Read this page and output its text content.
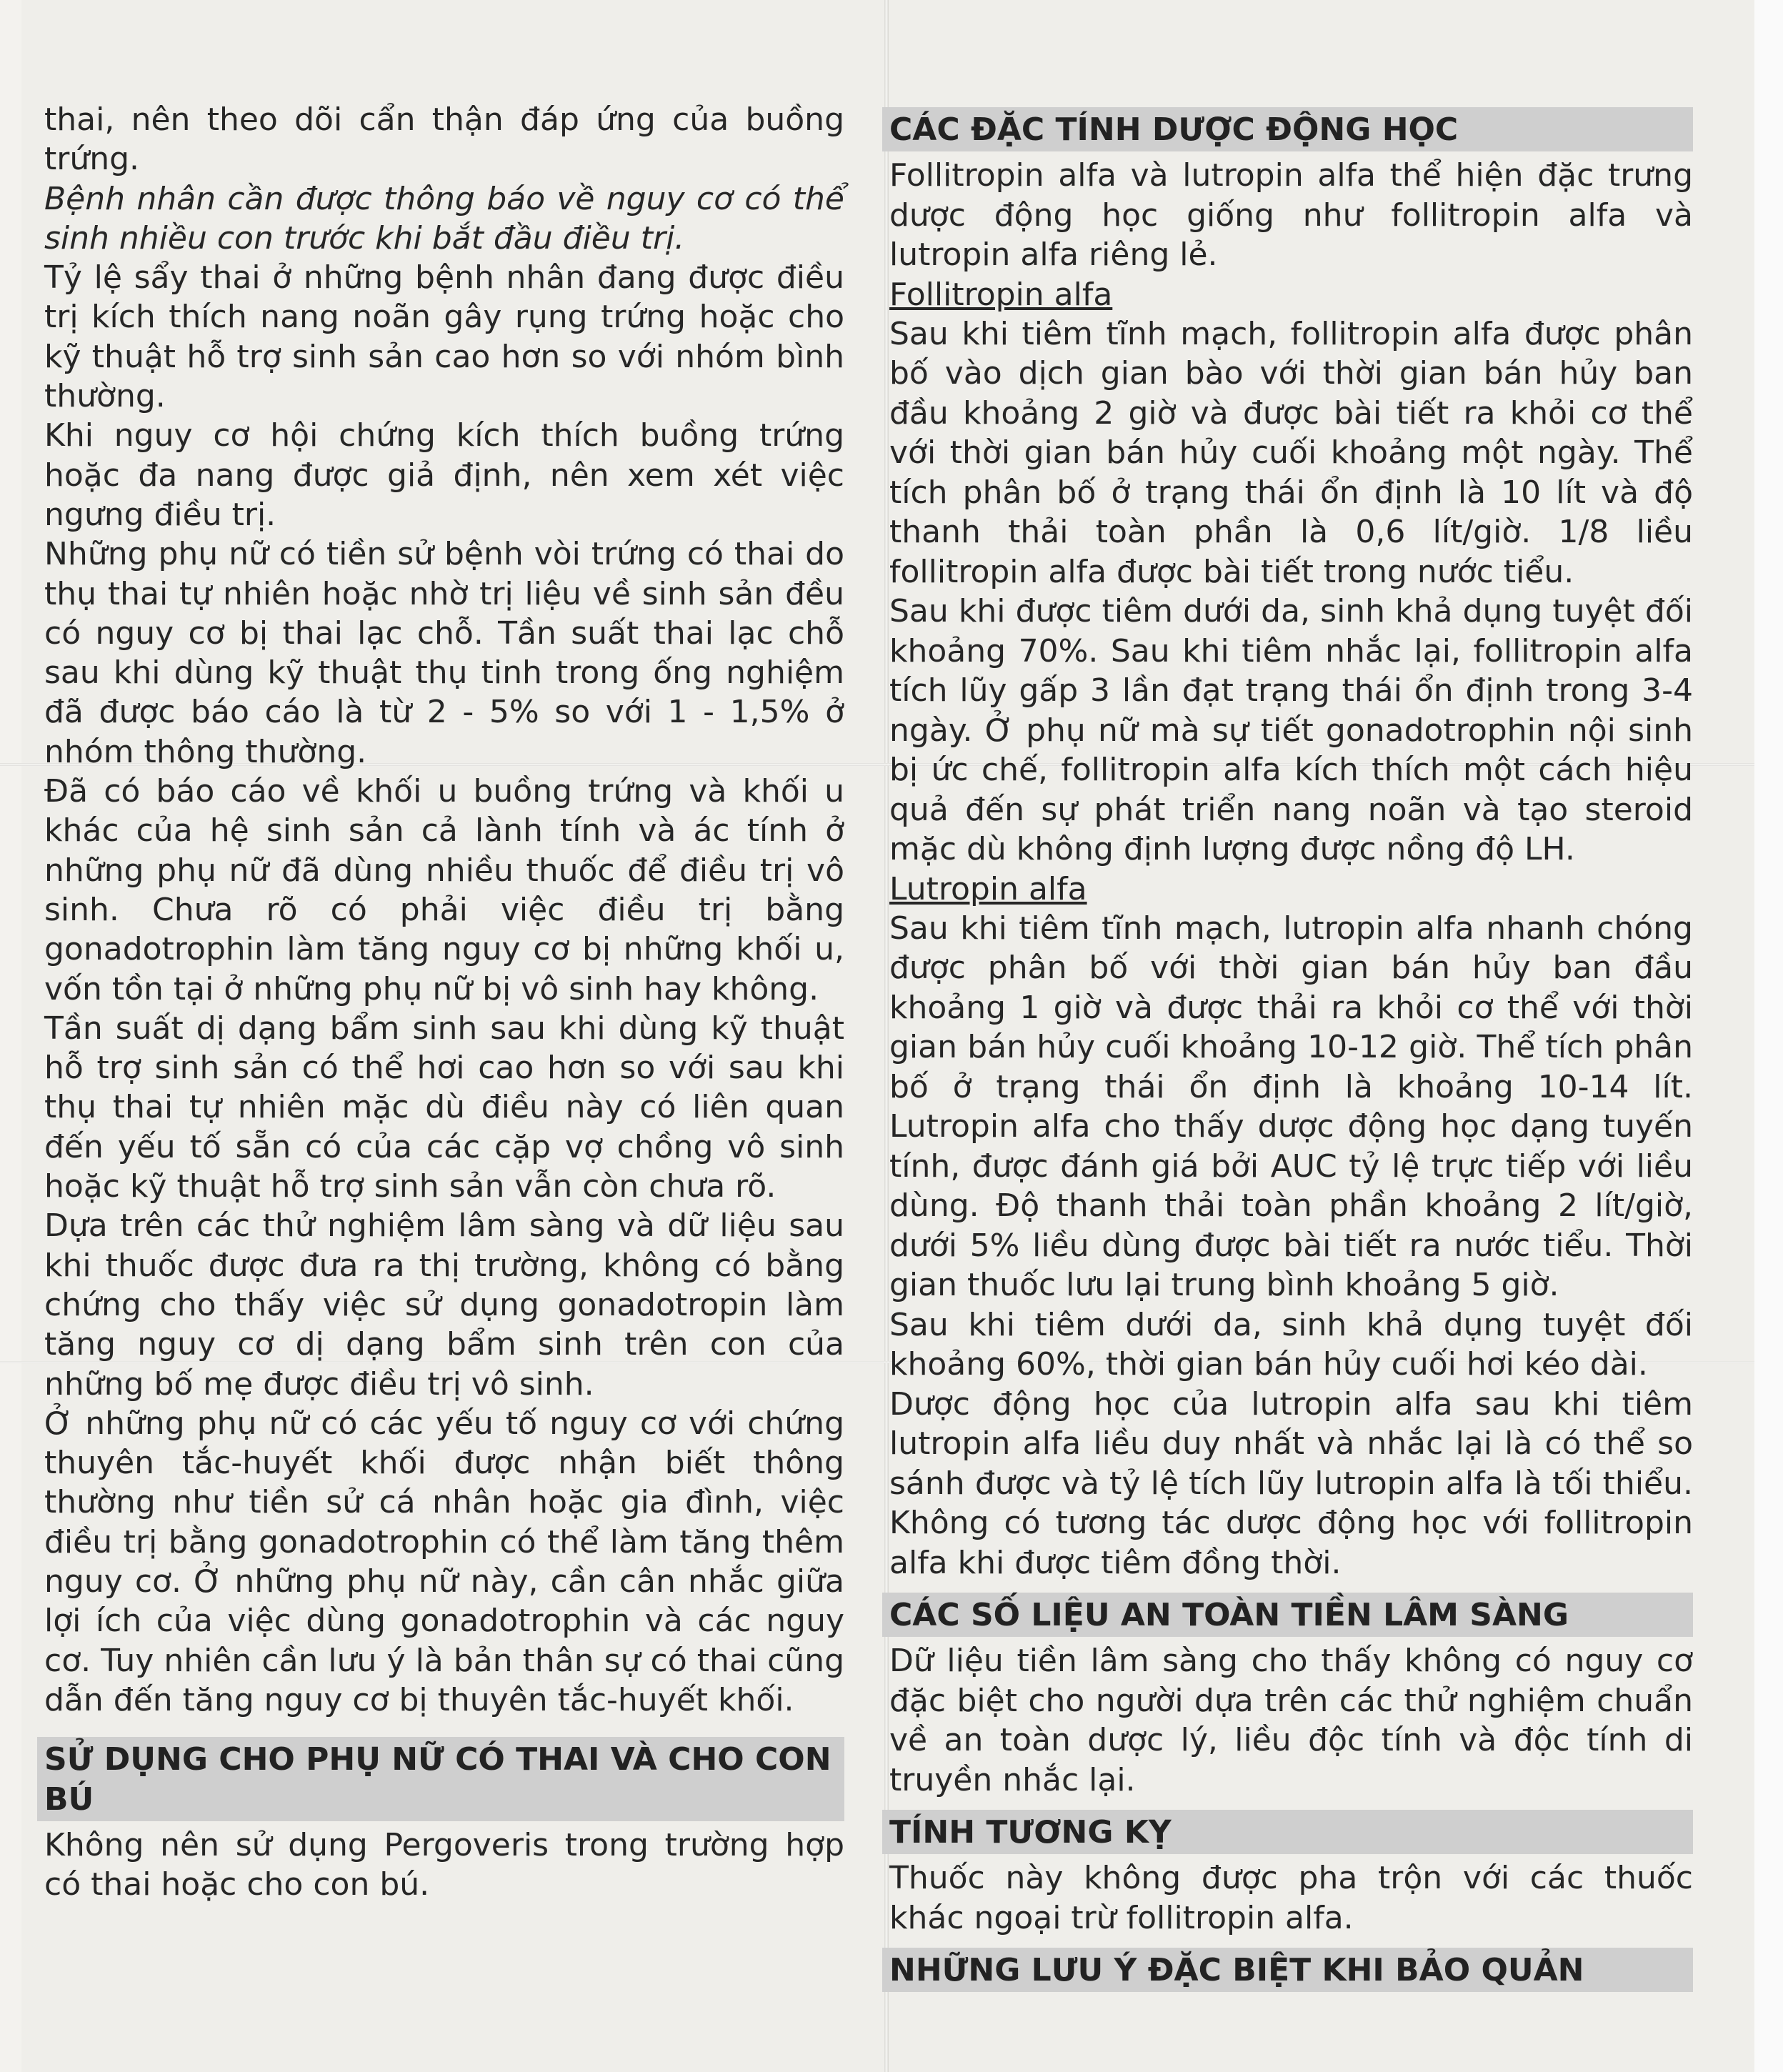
thai, nên theo dõi cẩn thận đáp ứng của buồng trứng.

Bệnh nhân cần được thông báo về nguy cơ có thể sinh nhiều con trước khi bắt đầu điều trị.

Tỷ lệ sẩy thai ở những bệnh nhân đang được điều trị kích thích nang noãn gây rụng trứng hoặc cho kỹ thuật hỗ trợ sinh sản cao hơn so với nhóm bình thường.

Khi nguy cơ hội chứng kích thích buồng trứng hoặc đa nang được giả định, nên xem xét việc ngưng điều trị.

Những phụ nữ có tiền sử bệnh vòi trứng có thai do thụ thai tự nhiên hoặc nhờ trị liệu về sinh sản đều có nguy cơ bị thai lạc chỗ. Tần suất thai lạc chỗ sau khi dùng kỹ thuật thụ tinh trong ống nghiệm đã được báo cáo là từ 2 - 5% so với 1 - 1,5% ở nhóm thông thường.

Đã có báo cáo về khối u buồng trứng và khối u khác của hệ sinh sản cả lành tính và ác tính ở những phụ nữ đã dùng nhiều thuốc để điều trị vô sinh. Chưa rõ có phải việc điều trị bằng gonadotrophin làm tăng nguy cơ bị những khối u, vốn tồn tại ở những phụ nữ bị vô sinh hay không.

Tần suất dị dạng bẩm sinh sau khi dùng kỹ thuật hỗ trợ sinh sản có thể hơi cao hơn so với sau khi thụ thai tự nhiên mặc dù điều này có liên quan đến yếu tố sẵn có của các cặp vợ chồng vô sinh hoặc kỹ thuật hỗ trợ sinh sản vẫn còn chưa rõ.

Dựa trên các thử nghiệm lâm sàng và dữ liệu sau khi thuốc được đưa ra thị trường, không có bằng chứng cho thấy việc sử dụng gonadotropin làm tăng nguy cơ dị dạng bẩm sinh trên con của những bố mẹ được điều trị vô sinh.

Ở những phụ nữ có các yếu tố nguy cơ với chứng thuyên tắc-huyết khối được nhận biết thông thường như tiền sử cá nhân hoặc gia đình, việc điều trị bằng gonadotrophin có thể làm tăng thêm nguy cơ. Ở những phụ nữ này, cần cân nhắc giữa lợi ích của việc dùng gonadotrophin và các nguy cơ. Tuy nhiên cần lưu ý là bản thân sự có thai cũng dẫn đến tăng nguy cơ bị thuyên tắc-huyết khối.

SỬ DỤNG CHO PHỤ NỮ CÓ THAI VÀ CHO CON BÚ

Không nên sử dụng Pergoveris trong trường hợp có thai hoặc cho con bú.

CÁC ĐẶC TÍNH DƯỢC ĐỘNG HỌC

Follitropin alfa và lutropin alfa thể hiện đặc trưng dược động học giống như follitropin alfa và lutropin alfa riêng lẻ.

Follitropin alfa

Sau khi tiêm tĩnh mạch, follitropin alfa được phân bố vào dịch gian bào với thời gian bán hủy ban đầu khoảng 2 giờ và được bài tiết ra khỏi cơ thể với thời gian bán hủy cuối khoảng một ngày. Thể tích phân bố ở trạng thái ổn định là 10 lít và độ thanh thải toàn phần là 0,6 lít/giờ. 1/8 liều follitropin alfa được bài tiết trong nước tiểu.

Sau khi được tiêm dưới da, sinh khả dụng tuyệt đối khoảng 70%. Sau khi tiêm nhắc lại, follitropin alfa tích lũy gấp 3 lần đạt trạng thái ổn định trong 3-4 ngày. Ở phụ nữ mà sự tiết gonadotrophin nội sinh bị ức chế, follitropin alfa kích thích một cách hiệu quả đến sự phát triển nang noãn và tạo steroid mặc dù không định lượng được nồng độ LH.

Lutropin alfa

Sau khi tiêm tĩnh mạch, lutropin alfa nhanh chóng được phân bố với thời gian bán hủy ban đầu khoảng 1 giờ và được thải ra khỏi cơ thể với thời gian bán hủy cuối khoảng 10-12 giờ. Thể tích phân bố ở trạng thái ổn định là khoảng 10-14 lít. Lutropin alfa cho thấy dược động học dạng tuyến tính, được đánh giá bởi AUC tỷ lệ trực tiếp với liều dùng. Độ thanh thải toàn phần khoảng 2 lít/giờ, dưới 5% liều dùng được bài tiết ra nước tiểu. Thời gian thuốc lưu lại trung bình khoảng 5 giờ.

Sau khi tiêm dưới da, sinh khả dụng tuyệt đối khoảng 60%, thời gian bán hủy cuối hơi kéo dài.

Dược động học của lutropin alfa sau khi tiêm lutropin alfa liều duy nhất và nhắc lại là có thể so sánh được và tỷ lệ tích lũy lutropin alfa là tối thiểu. Không có tương tác dược động học với follitropin alfa khi được tiêm đồng thời.

CÁC SỐ LIỆU AN TOÀN TIỀN LÂM SÀNG

Dữ liệu tiền lâm sàng cho thấy không có nguy cơ đặc biệt cho người dựa trên các thử nghiệm chuẩn về an toàn dược lý, liều độc tính và độc tính di truyền nhắc lại.

TÍNH TƯƠNG KỴ

Thuốc này không được pha trộn với các thuốc khác ngoại trừ follitropin alfa.

NHỮNG LƯU Ý ĐẶC BIỆT KHI BẢO QUẢN
